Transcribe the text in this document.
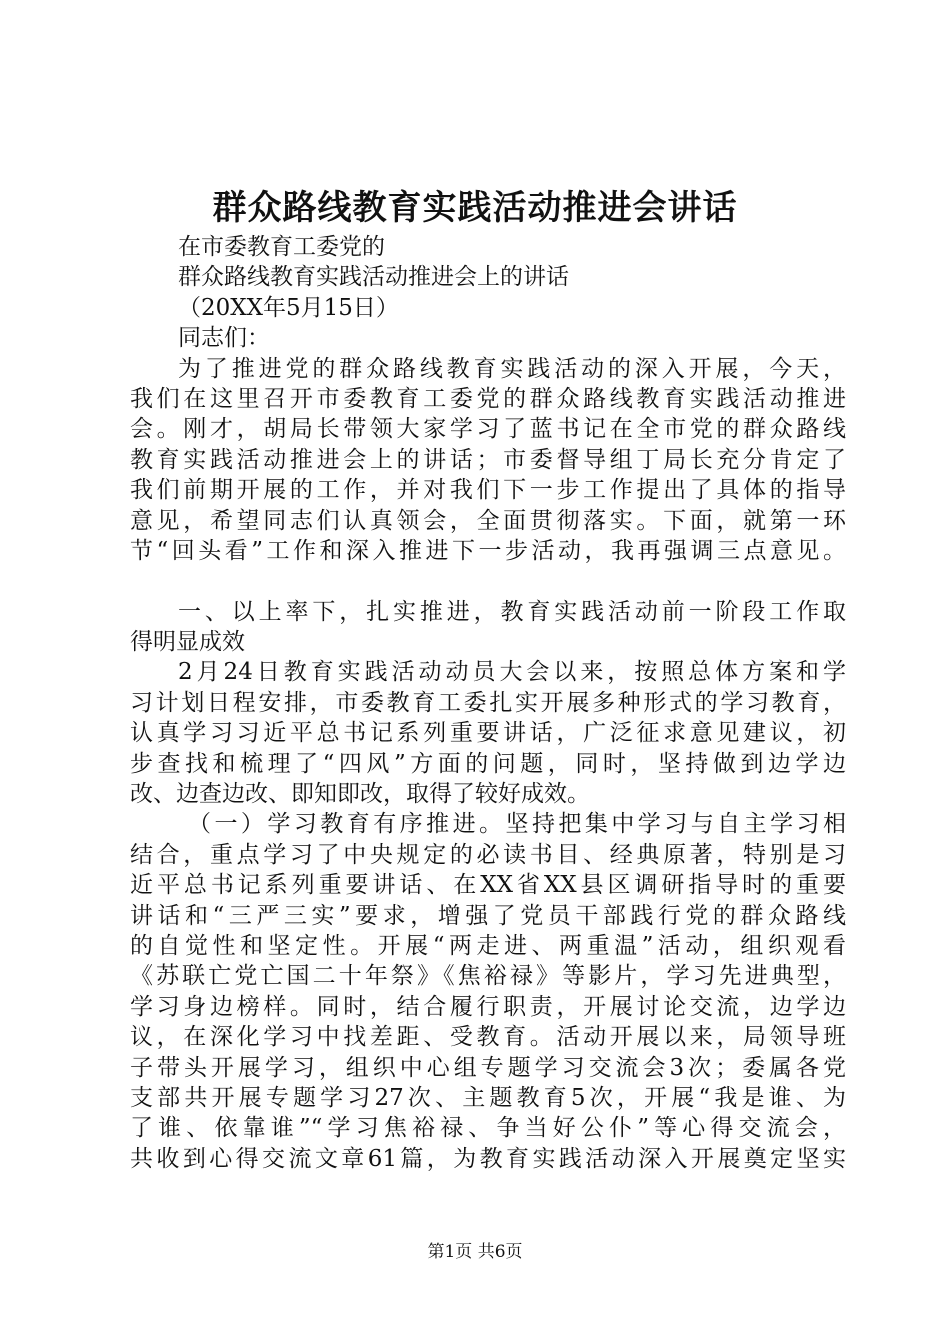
群众路线教育实践活动推进会讲话
在市委教育工委党的
群众路线教育实践活动推进会上的讲话
（20XX年5月15日）
同志们：
为了推进党的群众路线教育实践活动的深入开展，今天，
我们在这里召开市委教育工委党的群众路线教育实践活动推进
会。刚才，胡局长带领大家学习了蓝书记在全市党的群众路线
教育实践活动推进会上的讲话；市委督导组丁局长充分肯定了
我们前期开展的工作，并对我们下一步工作提出了具体的指导
意见，希望同志们认真领会，全面贯彻落实。下面，就第一环
节“回头看”工作和深入推进下一步活动，我再强调三点意见。
一、以上率下，扎实推进，教育实践活动前一阶段工作取
得明显成效
2月24日教育实践活动动员大会以来，按照总体方案和学
习计划日程安排，市委教育工委扎实开展多种形式的学习教育，
认真学习习近平总书记系列重要讲话，广泛征求意见建议，初
步查找和梳理了“四风”方面的问题，同时，坚持做到边学边
改、边查边改、即知即改，取得了较好成效。
（一）学习教育有序推进。坚持把集中学习与自主学习相
结合，重点学习了中央规定的必读书目、经典原著，特别是习
近平总书记系列重要讲话、在XX省XX县区调研指导时的重要
讲话和“三严三实”要求，增强了党员干部践行党的群众路线
的自觉性和坚定性。开展“两走进、两重温”活动，组织观看
《苏联亡党亡国二十年祭》《焦裕禄》等影片，学习先进典型，
学习身边榜样。同时，结合履行职责，开展讨论交流，边学边
议，在深化学习中找差距、受教育。活动开展以来，局领导班
子带头开展学习，组织中心组专题学习交流会3次；委属各党
支部共开展专题学习27次、主题教育5次，开展“我是谁、为
了谁、依靠谁”“学习焦裕禄、争当好公仆”等心得交流会，
共收到心得交流文章61篇，为教育实践活动深入开展奠定坚实
第1页 共6页
